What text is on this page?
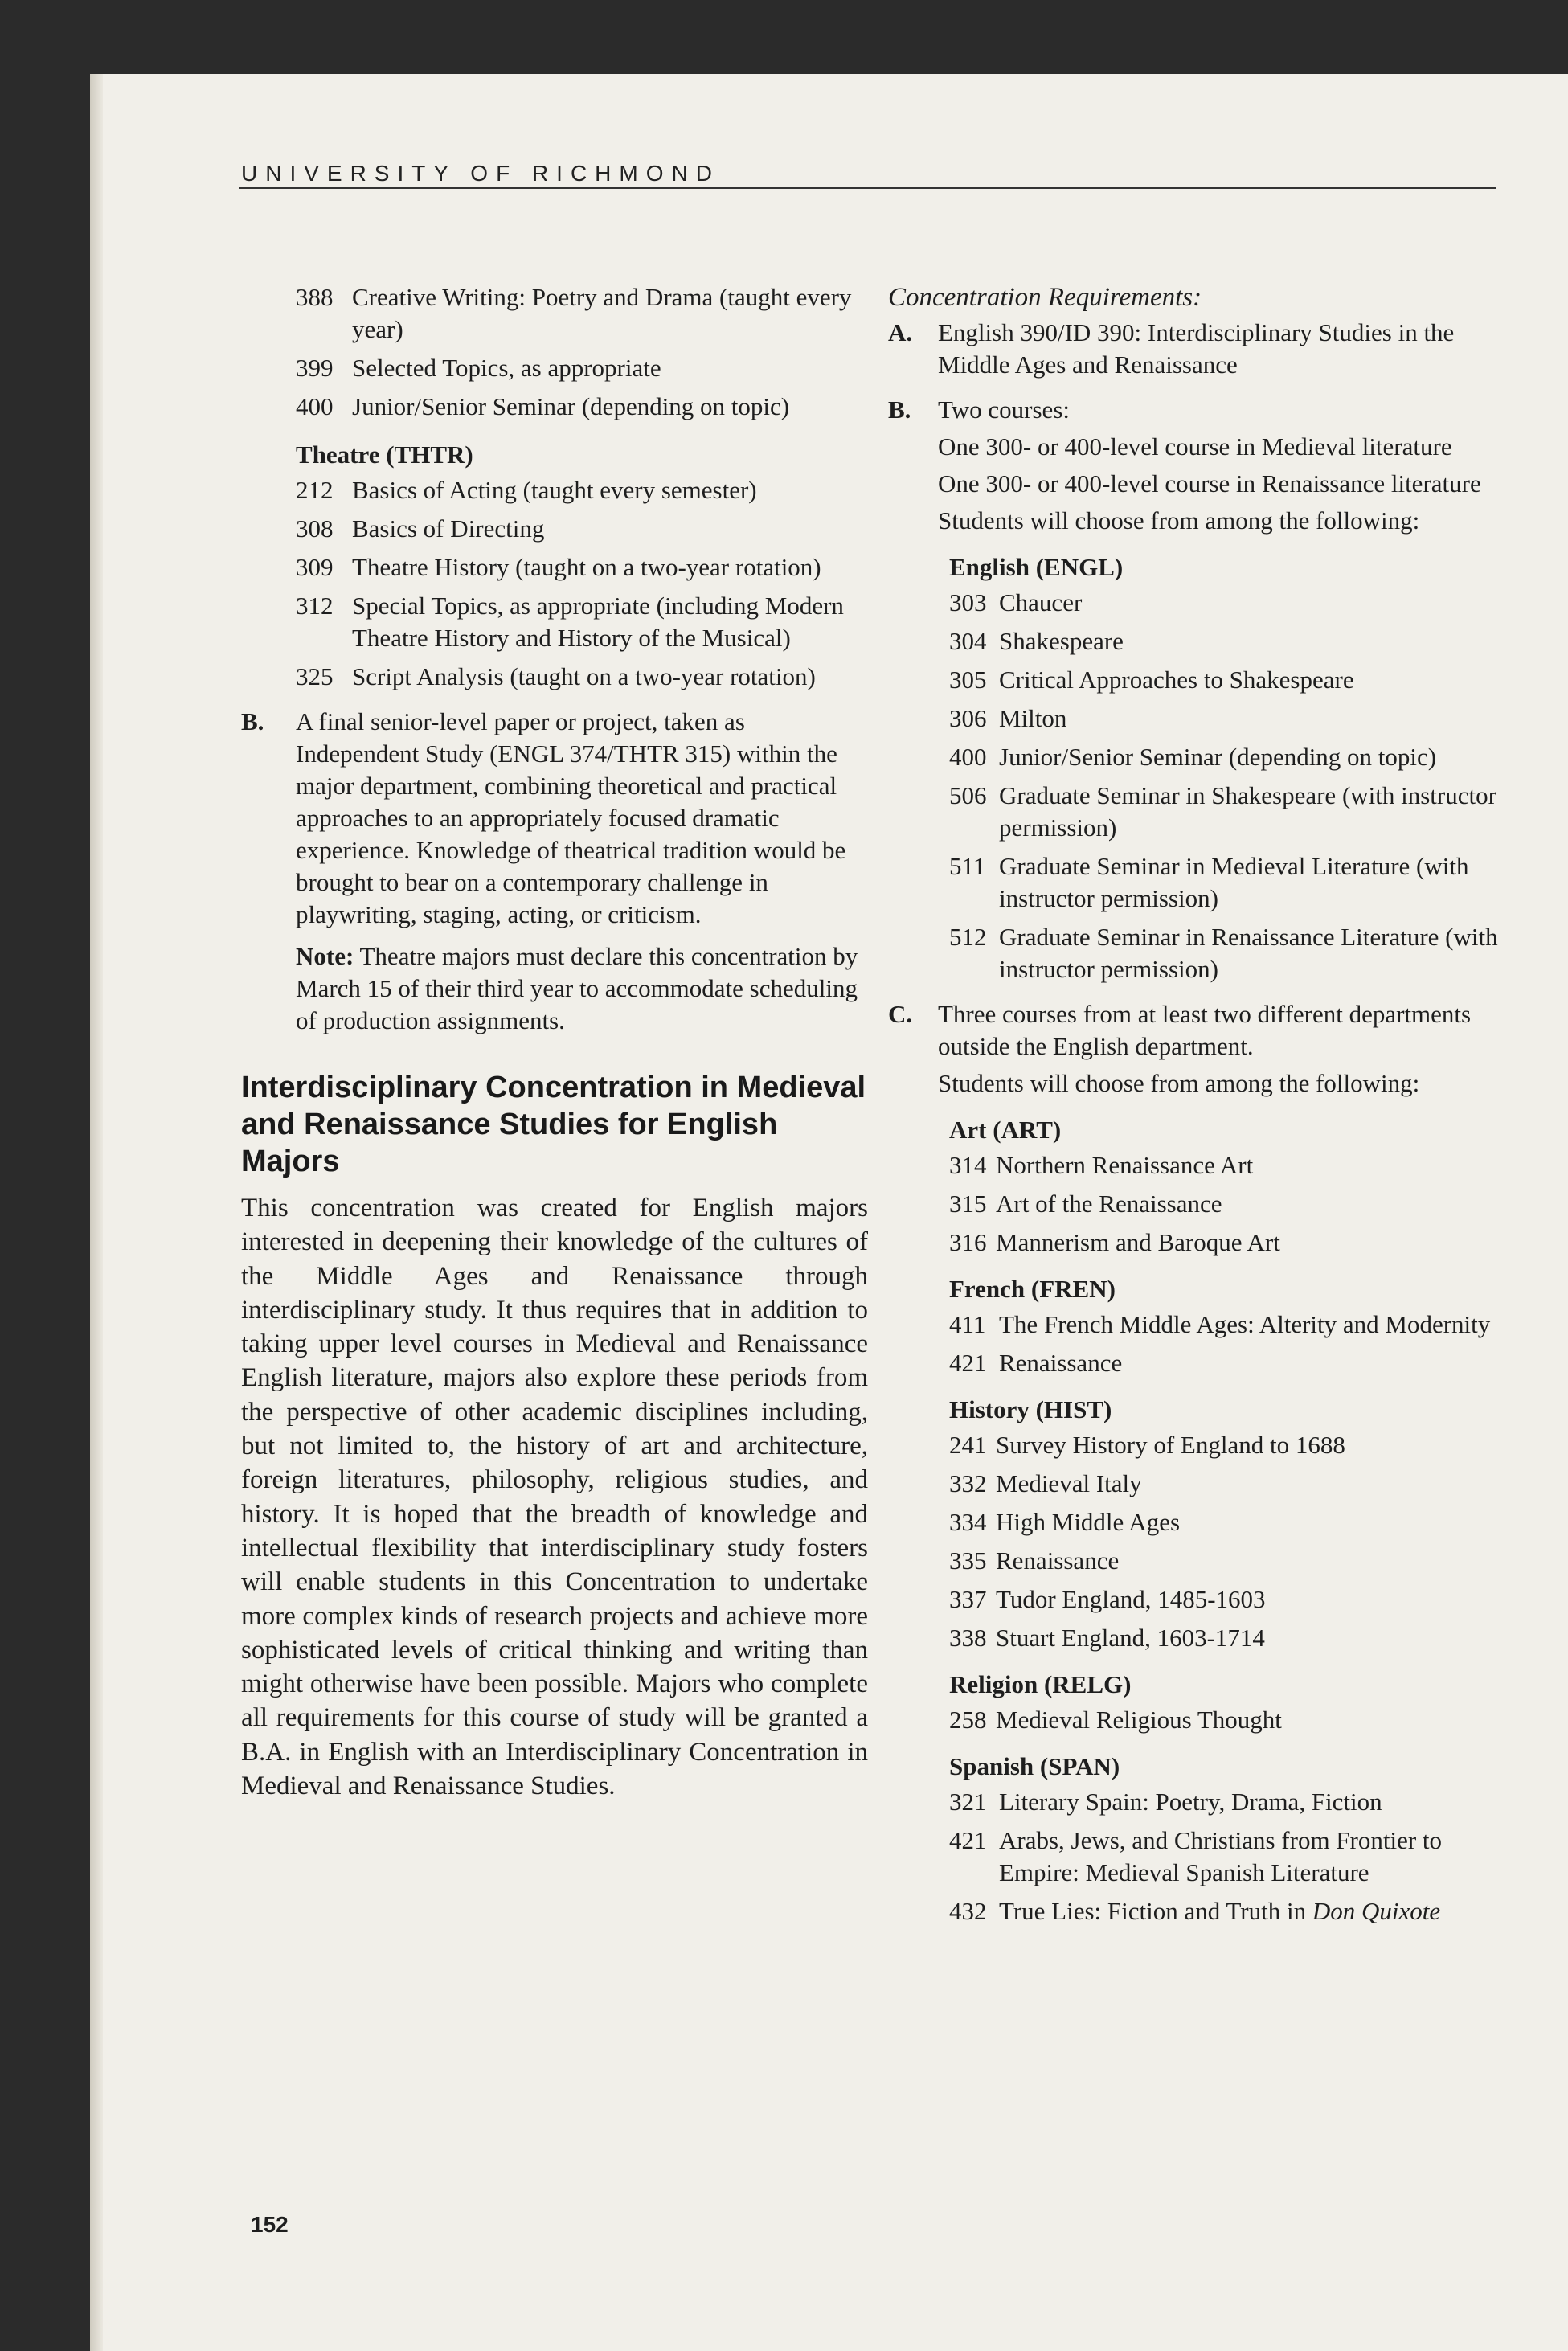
UNIVERSITY OF RICHMOND
388 Creative Writing: Poetry and Drama (taught every year)
399 Selected Topics, as appropriate
400 Junior/Senior Seminar (depending on topic)
Theatre (THTR)
212 Basics of Acting (taught every semester)
308 Basics of Directing
309 Theatre History (taught on a two-year rotation)
312 Special Topics, as appropriate (including Modern Theatre History and History of the Musical)
325 Script Analysis (taught on a two-year rotation)
B.	A final senior-level paper or project, taken as Independent Study (ENGL 374/THTR 315) within the major department, combining theoretical and practical approaches to an appropriately focused dramatic experience. Knowledge of theatrical tradition would be brought to bear on a contemporary challenge in playwriting, staging, acting, or criticism.
Note: Theatre majors must declare this concentration by March 15 of their third year to accommodate scheduling of production assignments.
Interdisciplinary Concentration in Medieval and Renaissance Studies for English Majors
This concentration was created for English majors interested in deepening their knowledge of the cultures of the Middle Ages and Renaissance through interdisciplinary study. It thus requires that in addition to taking upper level courses in Medieval and Renaissance English literature, majors also explore these periods from the perspective of other academic disciplines including, but not limited to, the history of art and architecture, foreign literatures, philosophy, religious studies, and history. It is hoped that the breadth of knowledge and intellectual flexibility that interdisciplinary study fosters will enable students in this Concentration to undertake more complex kinds of research projects and achieve more sophisticated levels of critical thinking and writing than might otherwise have been possible. Majors who complete all requirements for this course of study will be granted a B.A. in English with an Interdisciplinary Concentration in Medieval and Renaissance Studies.
Concentration Requirements:
A.	English 390/ID 390: Interdisciplinary Studies in the Middle Ages and Renaissance
B.	Two courses:
One 300- or 400-level course in Medieval literature
One 300- or 400-level course in Renaissance literature
Students will choose from among the following:
English (ENGL)
303 Chaucer
304 Shakespeare
305 Critical Approaches to Shakespeare
306 Milton
400 Junior/Senior Seminar (depending on topic)
506 Graduate Seminar in Shakespeare (with instructor permission)
511 Graduate Seminar in Medieval Literature (with instructor permission)
512 Graduate Seminar in Renaissance Literature (with instructor permission)
C.	Three courses from at least two different departments outside the English department.
Students will choose from among the following:
Art (ART)
314 Northern Renaissance Art
315 Art of the Renaissance
316 Mannerism and Baroque Art
French (FREN)
411 The French Middle Ages: Alterity and Modernity
421 Renaissance
History (HIST)
241 Survey History of England to 1688
332 Medieval Italy
334 High Middle Ages
335 Renaissance
337 Tudor England, 1485-1603
338 Stuart England, 1603-1714
Religion (RELG)
258 Medieval Religious Thought
Spanish (SPAN)
321 Literary Spain: Poetry, Drama, Fiction
421 Arabs, Jews, and Christians from Frontier to Empire: Medieval Spanish Literature
432 True Lies: Fiction and Truth in Don Quixote
152
